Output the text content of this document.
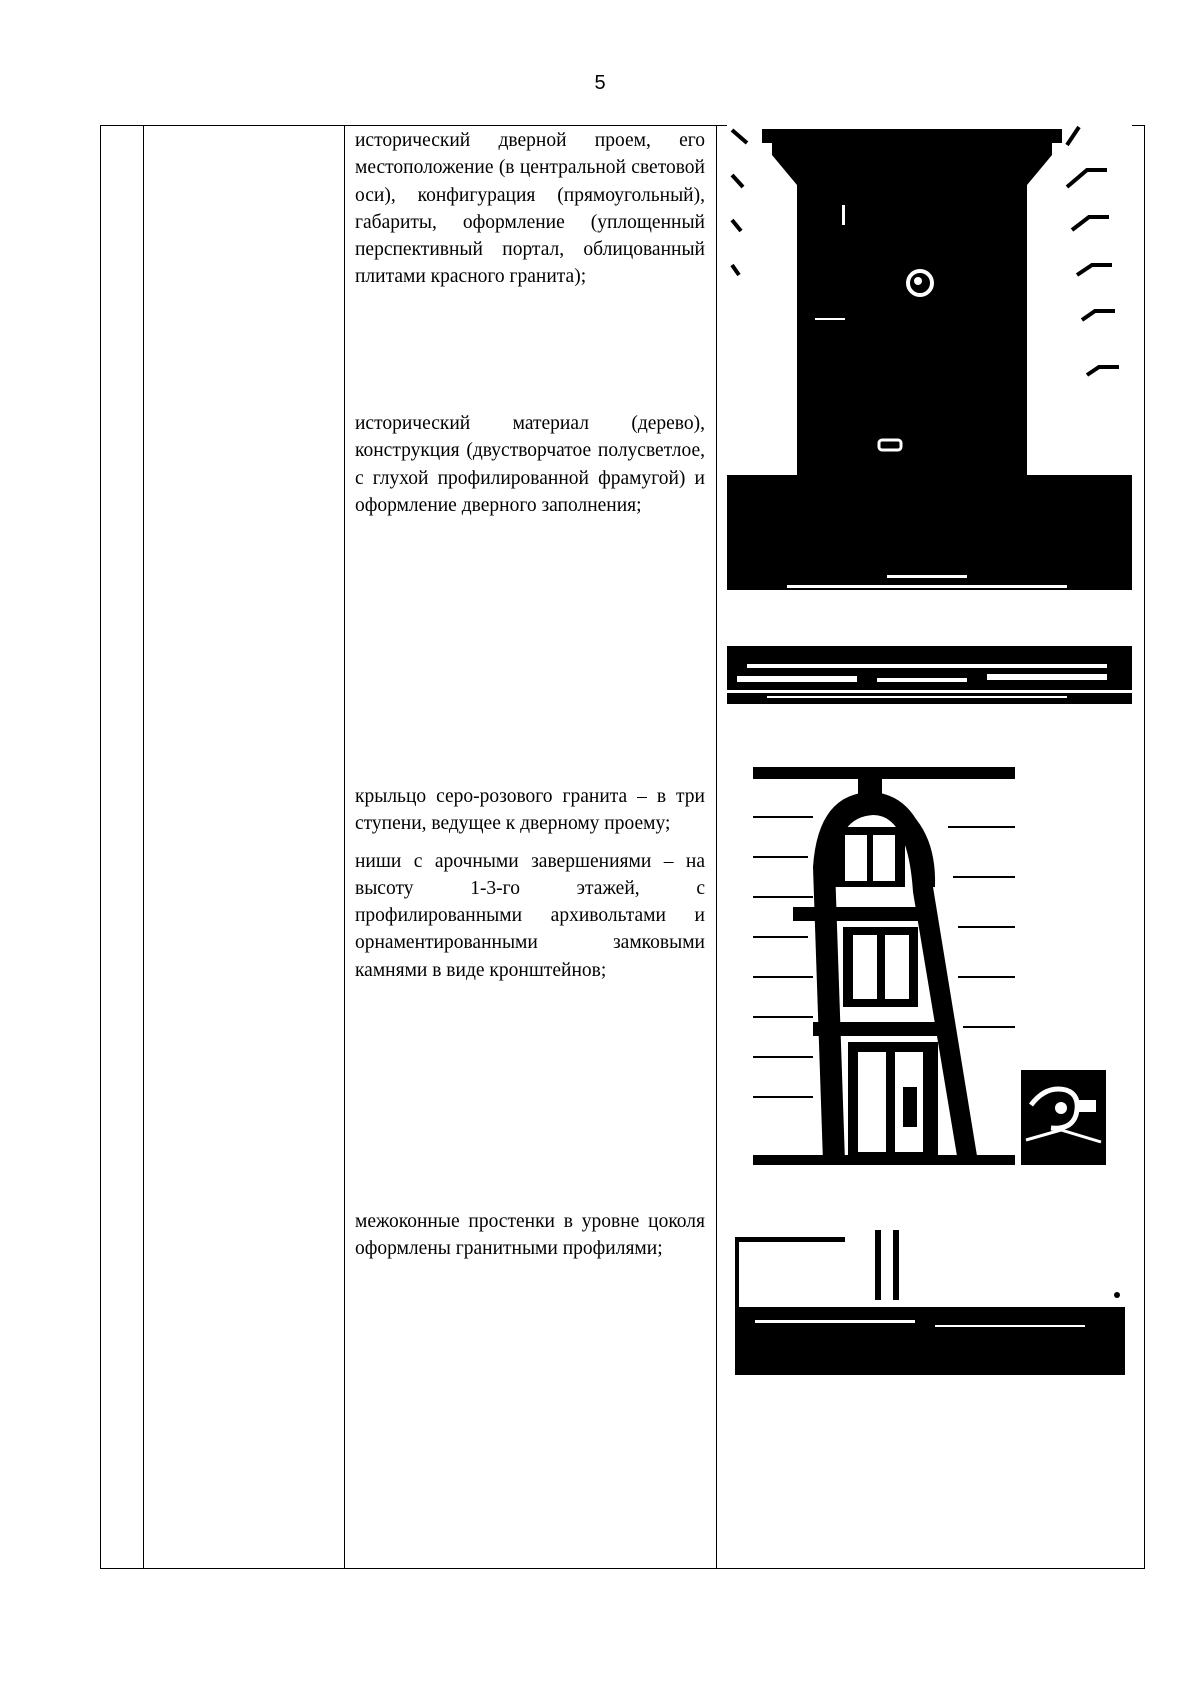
5

исторический дверной проем, его местоположение (в центральной световой оси), конфигурация (прямоугольный), габариты, оформление (уплощенный перспективный портал, облицованный плитами красного гранита);

исторический материал (дерево), конструкция (двустворчатое полусветлое, с глухой профилированной фрамугой) и оформление дверного заполнения;

крыльцо серо-розового гранита – в три ступени, ведущее к дверному проему;

ниши с арочными завершениями – на высоту 1-3-го этажей, с профилированными архивольтами и орнаментированными замковыми камнями в виде кронштейнов;

межоконные простенки в уровне цоколя оформлены гранитными профилями;
